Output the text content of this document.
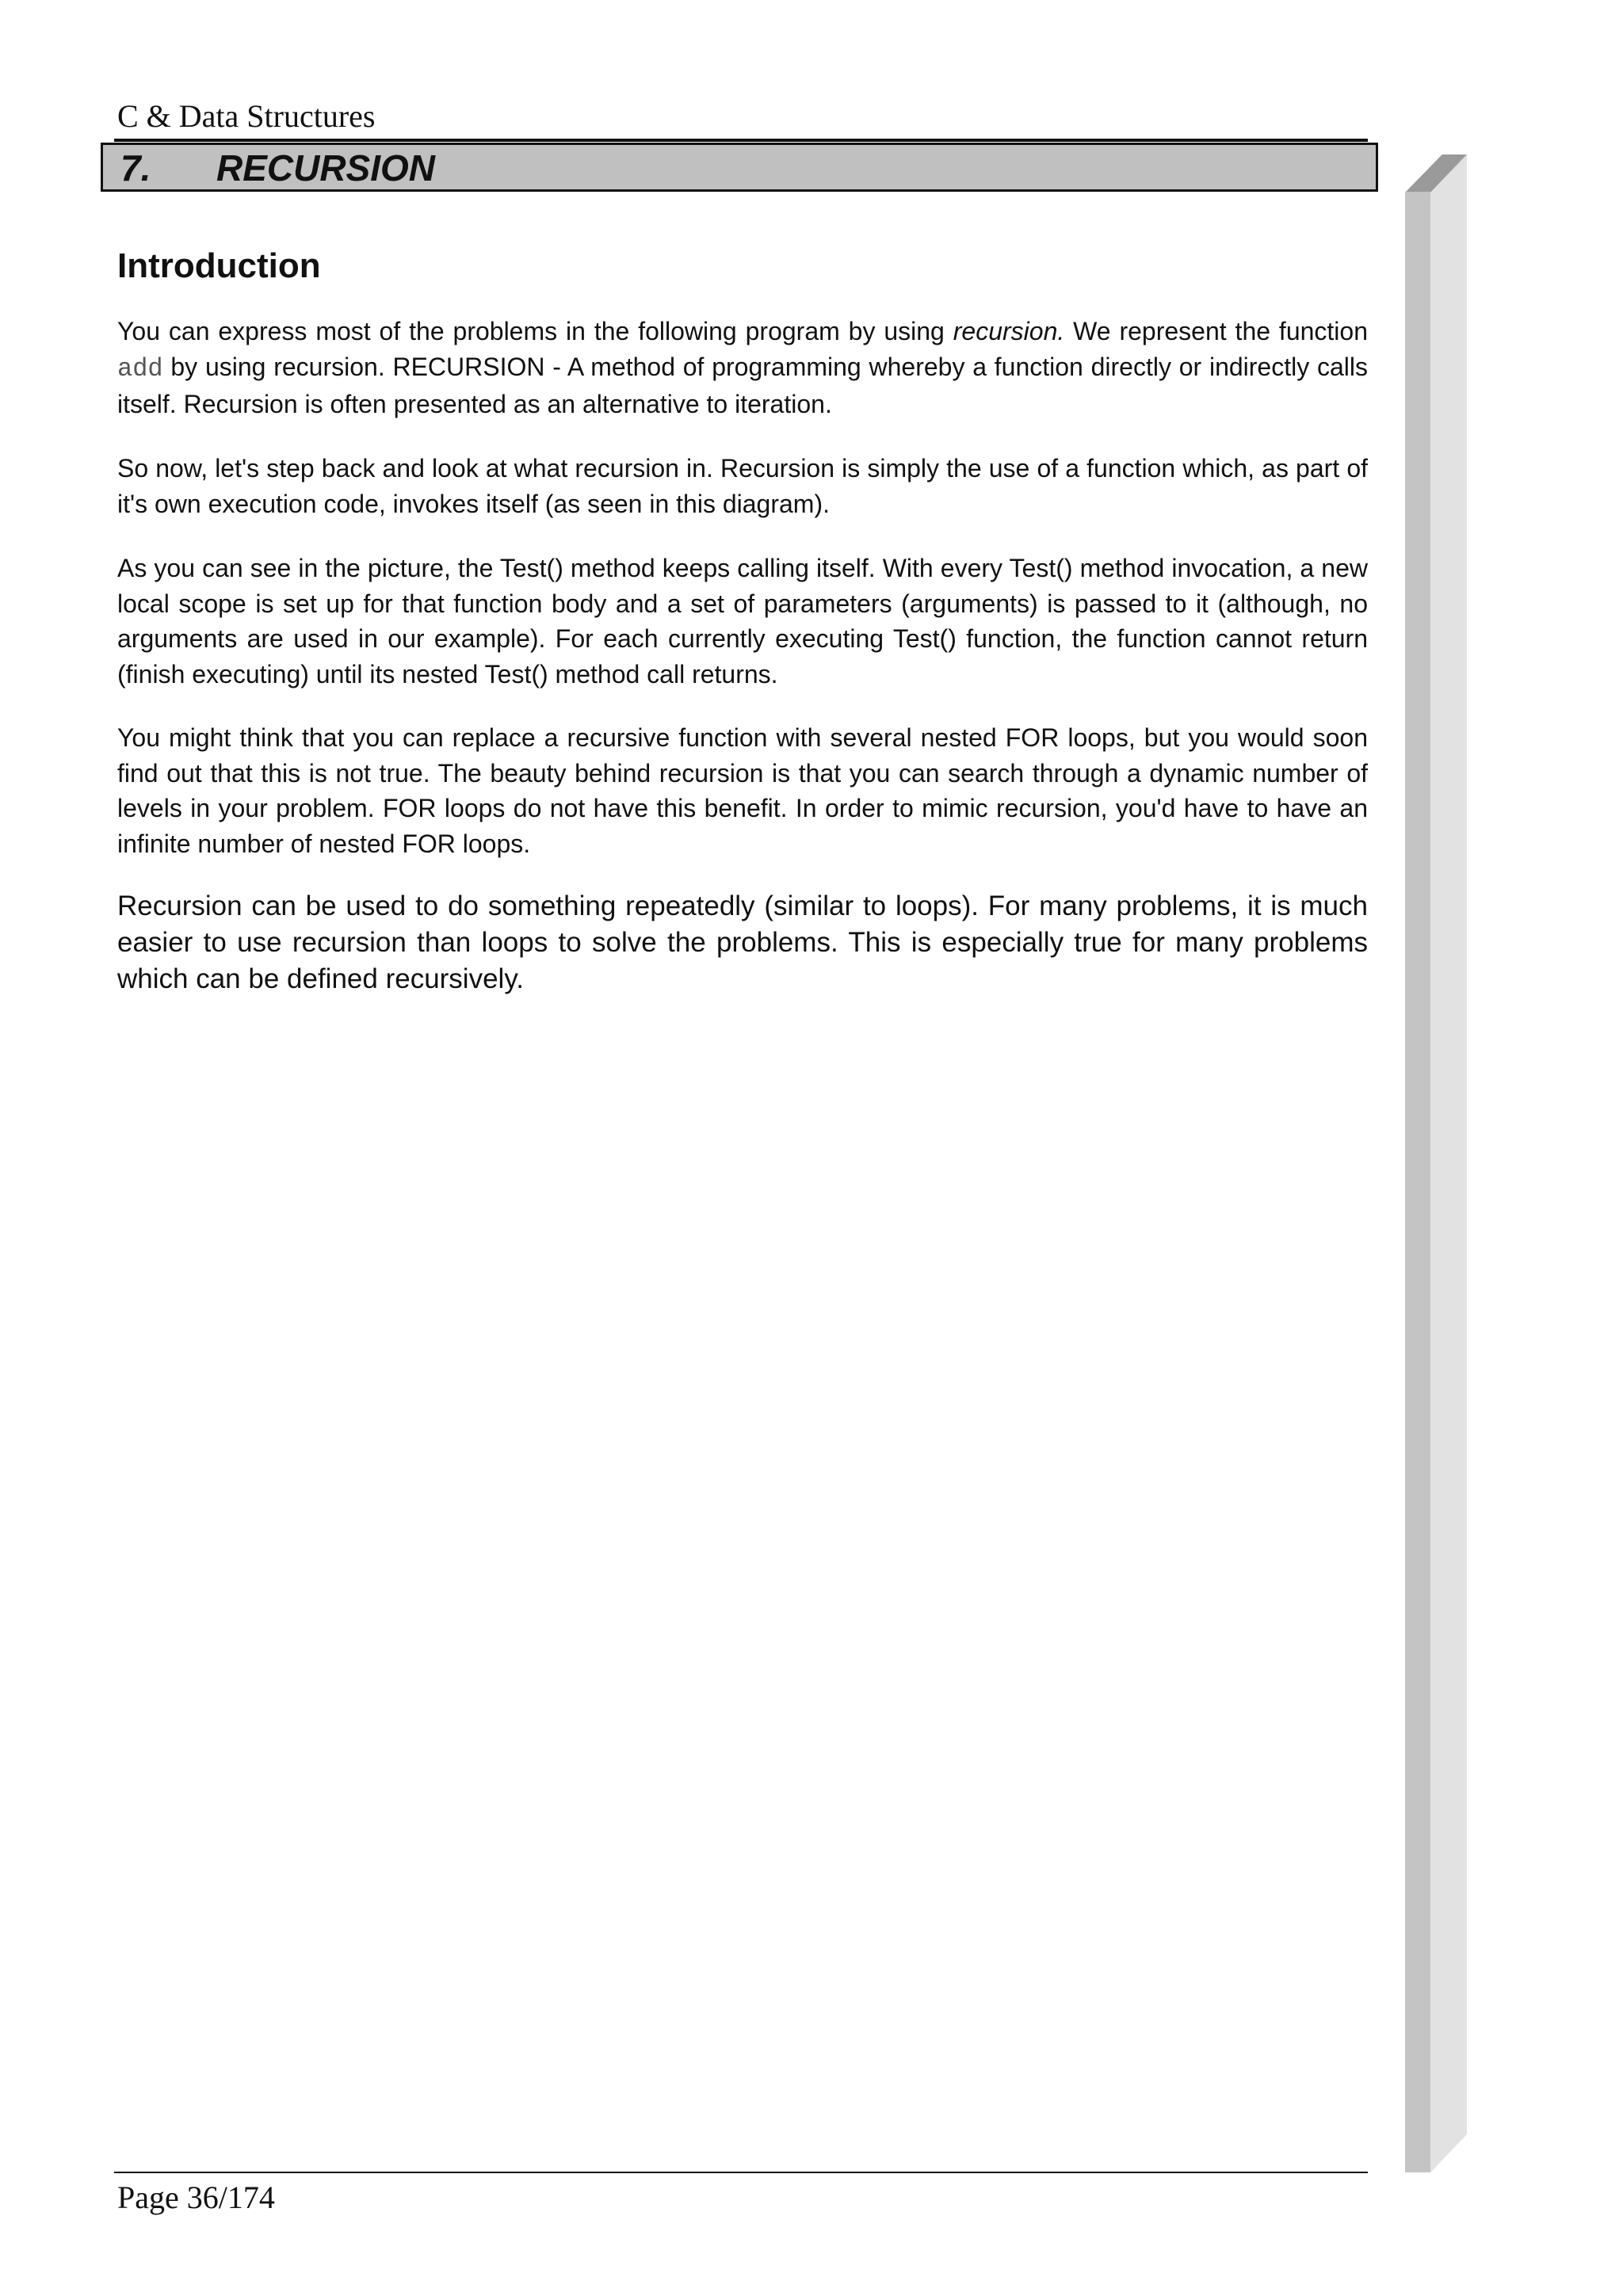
C & Data Structures
7. RECURSION
Introduction

You can express most of the problems in the following program by using recursion. We represent the function add by using recursion. RECURSION - A method of programming whereby a function directly or indirectly calls itself. Recursion is often presented as an alternative to iteration.

So now, let's step back and look at what recursion in. Recursion is simply the use of a function which, as part of it's own execution code, invokes itself (as seen in this diagram).

As you can see in the picture, the Test() method keeps calling itself. With every Test() method invocation, a new local scope is set up for that function body and a set of parameters (arguments) is passed to it (although, no arguments are used in our example). For each currently executing Test() function, the function cannot return (finish executing) until its nested Test() method call returns.

You might think that you can replace a recursive function with several nested FOR loops, but you would soon find out that this is not true. The beauty behind recursion is that you can search through a dynamic number of levels in your problem. FOR loops do not have this benefit. In order to mimic recursion, you'd have to have an infinite number of nested FOR loops.

Recursion can be used to do something repeatedly (similar to loops). For many problems, it is much easier to use recursion than loops to solve the problems. This is especially true for many problems which can be defined recursively.

Page 36/174
